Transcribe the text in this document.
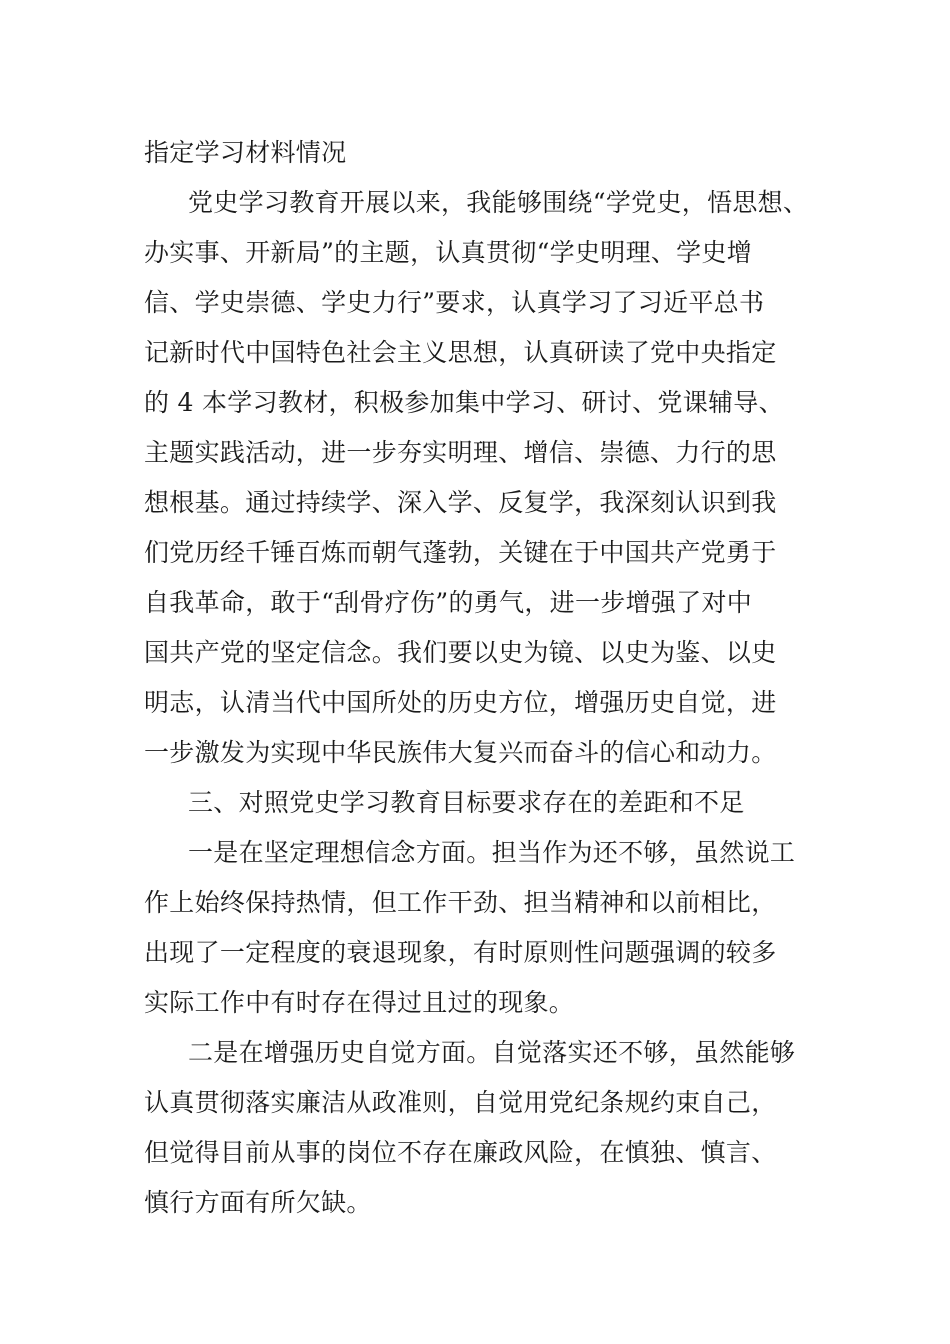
指定学习材料情况
党史学习教育开展以来，我能够围绕“学党史，悟思想、
办实事、开新局”的主题，认真贯彻“学史明理、学史增
信、学史崇德、学史力行”要求，认真学习了习近平总书
记新时代中国特色社会主义思想，认真研读了党中央指定
的 4 本学习教材，积极参加集中学习、研讨、党课辅导、
主题实践活动，进一步夯实明理、增信、崇德、力行的思
想根基。通过持续学、深入学、反复学，我深刻认识到我
们党历经千锤百炼而朝气蓬勃，关键在于中国共产党勇于
自我革命，敢于“刮骨疗伤”的勇气，进一步增强了对中
国共产党的坚定信念。我们要以史为镜、以史为鉴、以史
明志，认清当代中国所处的历史方位，增强历史自觉，进
一步激发为实现中华民族伟大复兴而奋斗的信心和动力。
三、对照党史学习教育目标要求存在的差距和不足
一是在坚定理想信念方面。担当作为还不够，虽然说工
作上始终保持热情，但工作干劲、担当精神和以前相比，
出现了一定程度的衰退现象，有时原则性问题强调的较多
实际工作中有时存在得过且过的现象。
二是在增强历史自觉方面。自觉落实还不够，虽然能够
认真贯彻落实廉洁从政准则，自觉用党纪条规约束自己，
但觉得目前从事的岗位不存在廉政风险，在慎独、慎言、
慎行方面有所欠缺。
